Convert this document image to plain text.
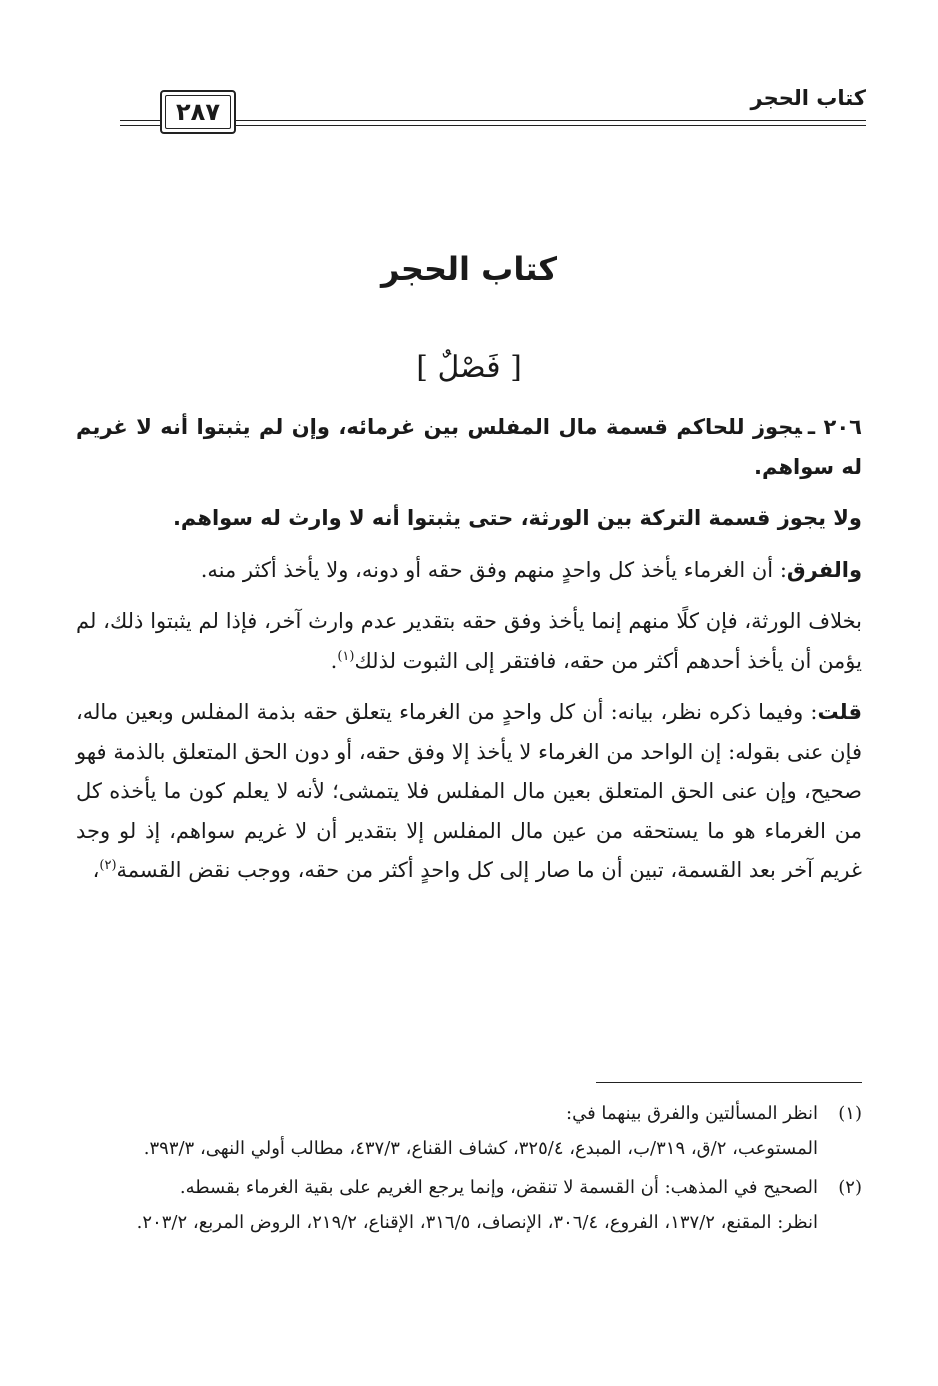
كتاب الحجر
٢٨٧
كتاب الحجر
[ فَصْلٌ ]

٢٠٦ ـيجوز للحاكم قسمة مال المفلس بين غرمائه، وإن لم يثبتوا أنه لا غريم له سواهم.

ولا يجوز قسمة التركة بين الورثة، حتى يثبتوا أنه لا وارث له سواهم.

والفرق: أن الغرماء يأخذ كل واحدٍ منهم وفق حقه أو دونه، ولا يأخذ أكثر منه.

بخلاف الورثة، فإن كلًا منهم إنما يأخذ وفق حقه بتقدير عدم وارث آخر، فإذا لم يثبتوا ذلك، لم يؤمن أن يأخذ أحدهم أكثر من حقه، فافتقر إلى الثبوت لذلك$^{(١)}$.

قلت: وفيما ذكره نظر، بيانه: أن كل واحدٍ من الغرماء يتعلق حقه بذمة المفلس وبعين ماله، فإن عنى بقوله: إن الواحد من الغرماء لا يأخذ إلا وفق حقه، أو دون الحق المتعلق بالذمة فهو صحيح، وإن عنى الحق المتعلق بعين مال المفلس فلا يتمشى؛ لأنه لا يعلم كون ما يأخذه كل من الغرماء هو ما يستحقه من عين مال المفلس إلا بتقدير أن لا غريم سواهم، إذ لو وجد غريم آخر بعد القسمة، تبين أن ما صار إلى كل واحدٍ أكثر من حقه، ووجب نقض القسمة$^{(٢)}$،

(١)
انظر المسألتين والفرق بينهما في:
المستوعب، ٢/ق، ٣١٩/ب، المبدع، ٣٢٥/٤، كشاف القناع، ٤٣٧/٣، مطالب أولي النهى، ٣٩٣/٣.
(٢)
الصحيح في المذهب: أن القسمة لا تنقض، وإنما يرجع الغريم على بقية الغرماء بقسطه.
انظر: المقنع، ١٣٧/٢، الفروع، ٣٠٦/٤، الإنصاف، ٣١٦/٥، الإقناع، ٢١٩/٢، الروض المربع، ٢٠٣/٢.
